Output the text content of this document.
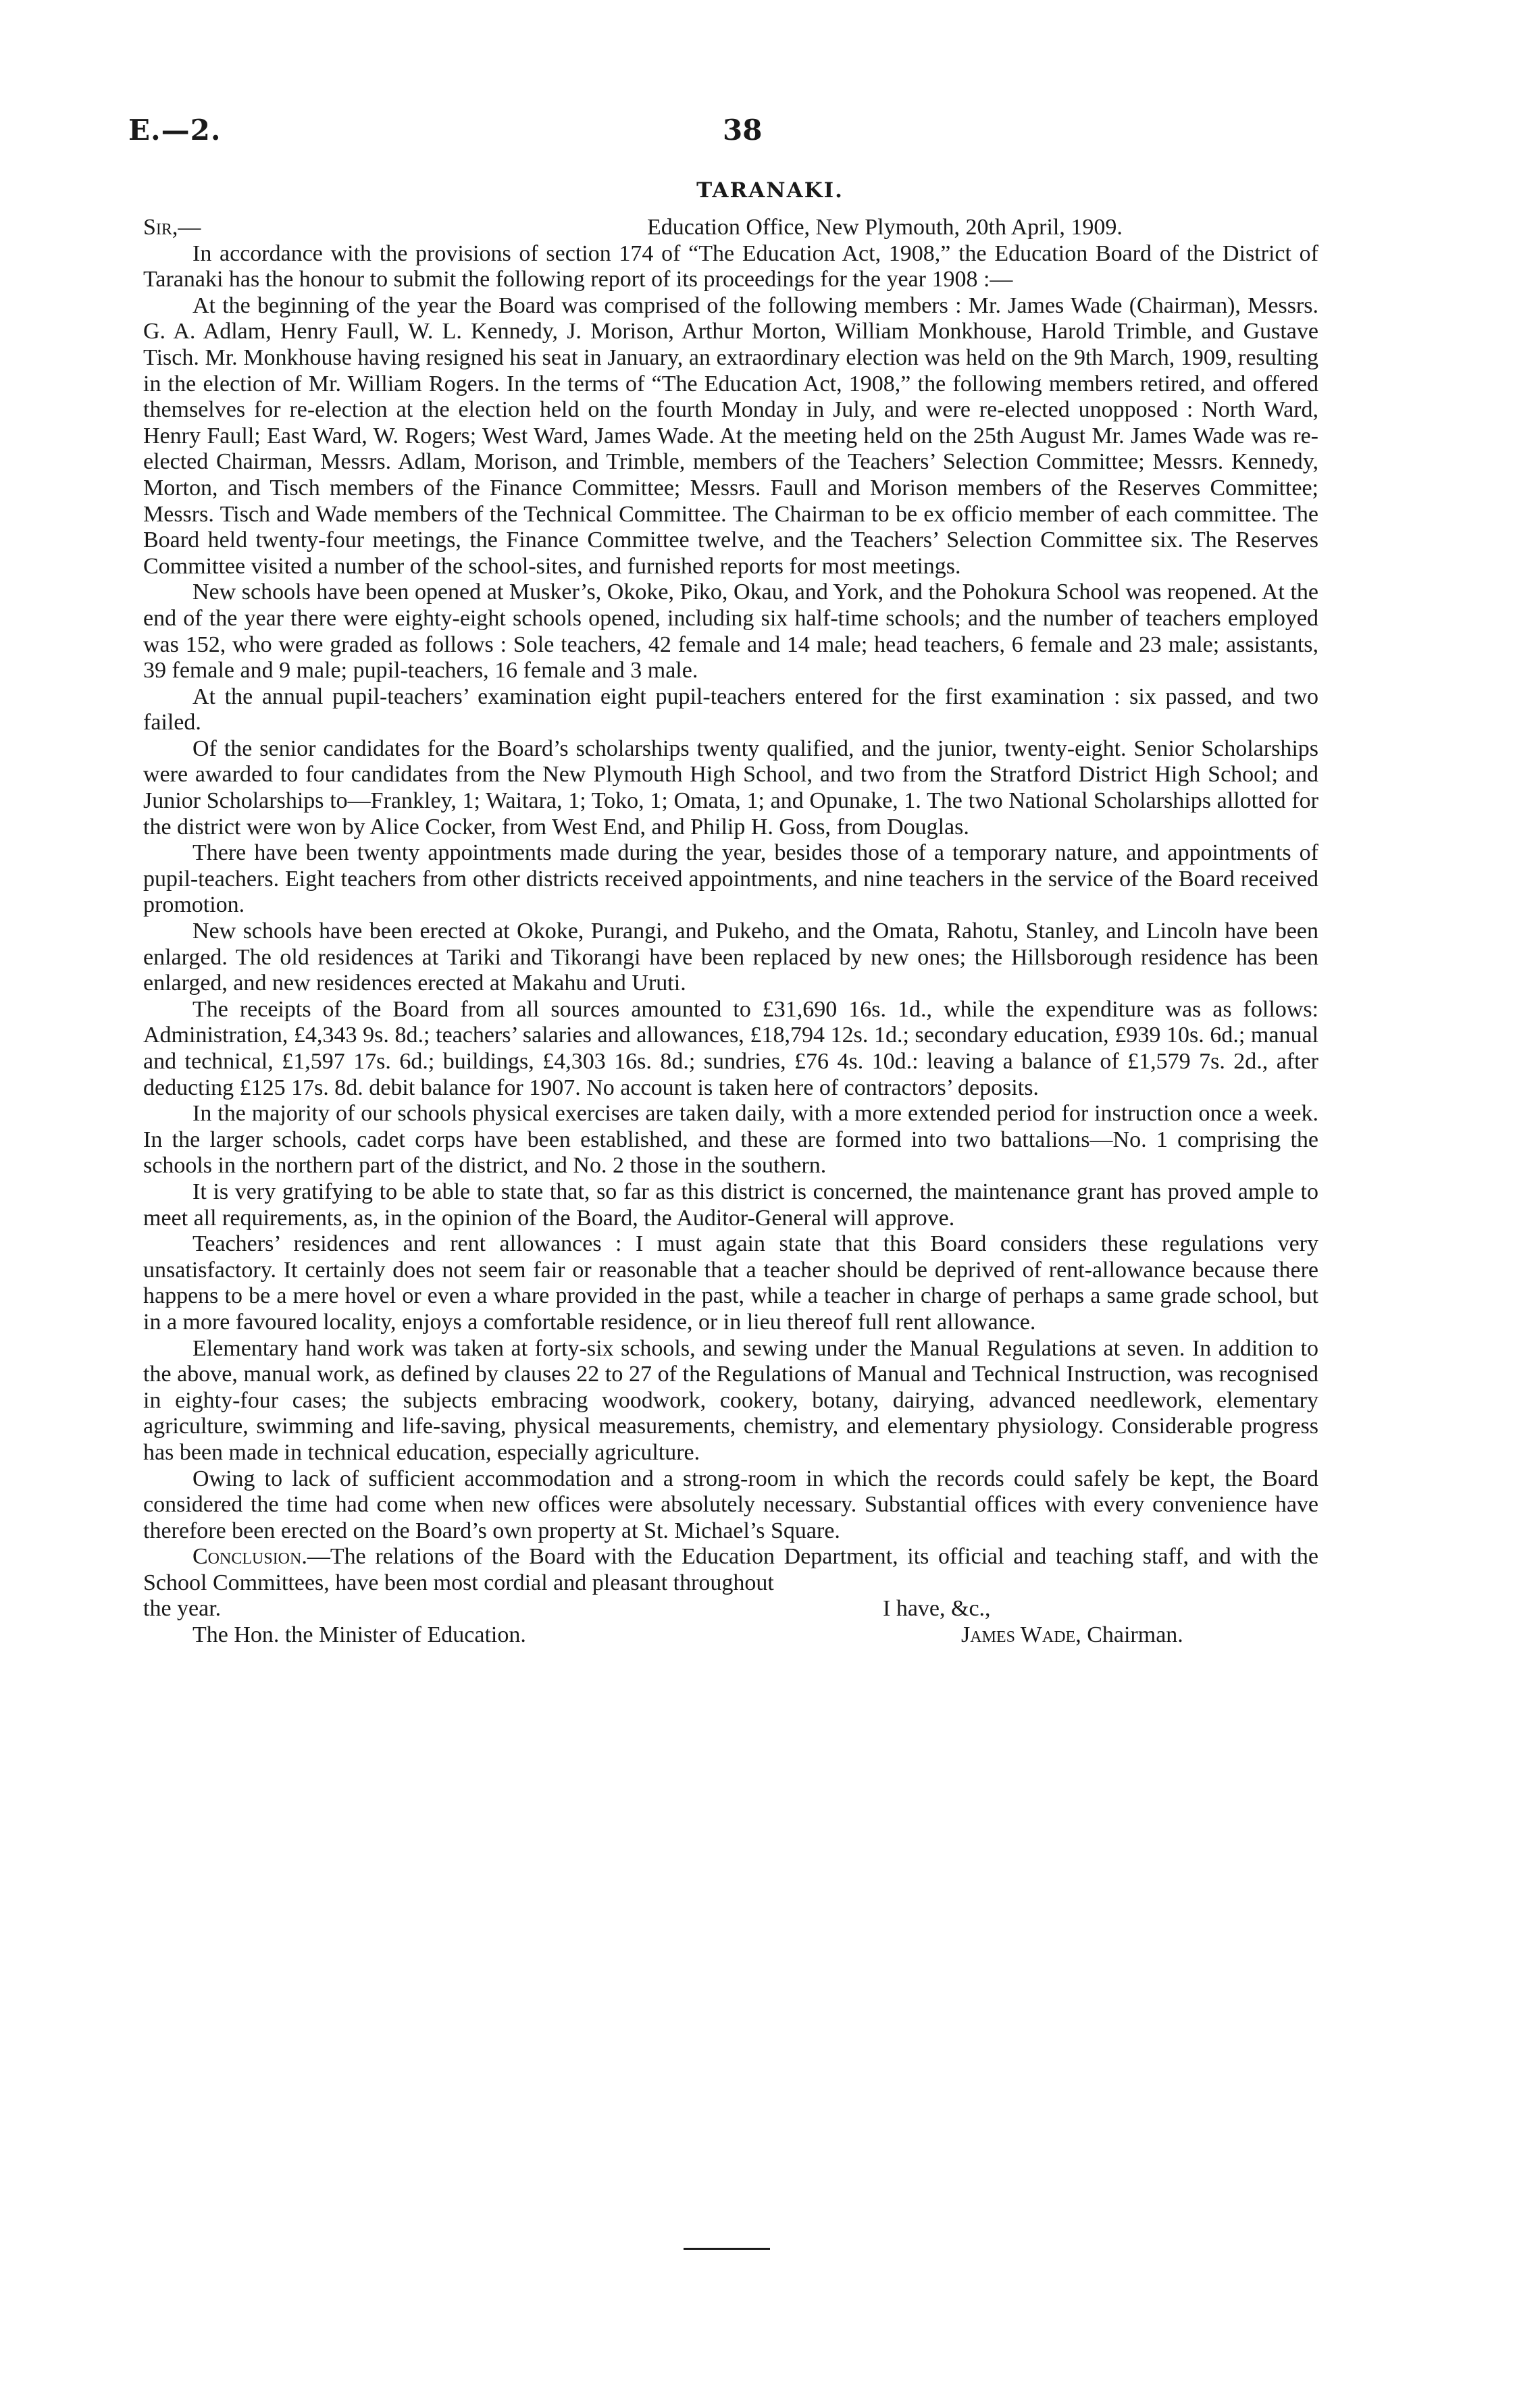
E.—2.	38
TARANAKI.
Sir,—	Education Office, New Plymouth, 20th April, 1909.

In accordance with the provisions of section 174 of “The Education Act, 1908,” the Education Board of the District of Taranaki has the honour to submit the following report of its proceedings for the year 1908 :—

At the beginning of the year the Board was comprised of the following members : Mr. James Wade (Chairman), Messrs. G. A. Adlam, Henry Faull, W. L. Kennedy, J. Morison, Arthur Morton, William Monkhouse, Harold Trimble, and Gustave Tisch. Mr. Monkhouse having resigned his seat in January, an extraordinary election was held on the 9th March, 1909, resulting in the election of Mr. William Rogers. In the terms of “The Education Act, 1908,” the following members retired, and offered themselves for re-election at the election held on the fourth Monday in July, and were re-elected unopposed : North Ward, Henry Faull; East Ward, W. Rogers; West Ward, James Wade. At the meeting held on the 25th August Mr. James Wade was re-elected Chairman, Messrs. Adlam, Morison, and Trimble, members of the Teachers’ Selection Committee; Messrs. Kennedy, Morton, and Tisch members of the Finance Committee; Messrs. Faull and Morison members of the Reserves Committee; Messrs. Tisch and Wade members of the Technical Committee. The Chairman to be ex officio member of each committee. The Board held twenty-four meetings, the Finance Committee twelve, and the Teachers’ Selection Committee six. The Reserves Committee visited a number of the school-sites, and furnished reports for most meetings.

New schools have been opened at Musker’s, Okoke, Piko, Okau, and York, and the Pohokura School was reopened. At the end of the year there were eighty-eight schools opened, including six half-time schools; and the number of teachers employed was 152, who were graded as follows : Sole teachers, 42 female and 14 male; head teachers, 6 female and 23 male; assistants, 39 female and 9 male; pupil-teachers, 16 female and 3 male.

At the annual pupil-teachers’ examination eight pupil-teachers entered for the first examination : six passed, and two failed.

Of the senior candidates for the Board’s scholarships twenty qualified, and the junior, twenty-eight. Senior Scholarships were awarded to four candidates from the New Plymouth High School, and two from the Stratford District High School; and Junior Scholarships to—Frankley, 1; Waitara, 1; Toko, 1; Omata, 1; and Opunake, 1. The two National Scholarships allotted for the district were won by Alice Cocker, from West End, and Philip H. Goss, from Douglas.

There have been twenty appointments made during the year, besides those of a temporary nature, and appointments of pupil-teachers. Eight teachers from other districts received appointments, and nine teachers in the service of the Board received promotion.

New schools have been erected at Okoke, Purangi, and Pukeho, and the Omata, Rahotu, Stanley, and Lincoln have been enlarged. The old residences at Tariki and Tikorangi have been replaced by new ones; the Hillsborough residence has been enlarged, and new residences erected at Makahu and Uruti.

The receipts of the Board from all sources amounted to £31,690 16s. 1d., while the expenditure was as follows: Administration, £4,343 9s. 8d.; teachers’ salaries and allowances, £18,794 12s. 1d.; secondary education, £939 10s. 6d.; manual and technical, £1,597 17s. 6d.; buildings, £4,303 16s. 8d.; sundries, £76 4s. 10d.: leaving a balance of £1,579 7s. 2d., after deducting £125 17s. 8d. debit balance for 1907. No account is taken here of contractors’ deposits.

In the majority of our schools physical exercises are taken daily, with a more extended period for instruction once a week. In the larger schools, cadet corps have been established, and these are formed into two battalions—No. 1 comprising the schools in the northern part of the district, and No. 2 those in the southern.

It is very gratifying to be able to state that, so far as this district is concerned, the maintenance grant has proved ample to meet all requirements, as, in the opinion of the Board, the Auditor-General will approve.

Teachers’ residences and rent allowances : I must again state that this Board considers these regulations very unsatisfactory. It certainly does not seem fair or reasonable that a teacher should be deprived of rent-allowance because there happens to be a mere hovel or even a whare provided in the past, while a teacher in charge of perhaps a same grade school, but in a more favoured locality, enjoys a comfortable residence, or in lieu thereof full rent allowance.

Elementary hand work was taken at forty-six schools, and sewing under the Manual Regulations at seven. In addition to the above, manual work, as defined by clauses 22 to 27 of the Regulations of Manual and Technical Instruction, was recognised in eighty-four cases; the subjects embracing woodwork, cookery, botany, dairying, advanced needlework, elementary agriculture, swimming and life-saving, physical measurements, chemistry, and elementary physiology. Considerable progress has been made in technical education, especially agriculture.

Owing to lack of sufficient accommodation and a strong-room in which the records could safely be kept, the Board considered the time had come when new offices were absolutely necessary. Substantial offices with every convenience have therefore been erected on the Board’s own property at St. Michael’s Square.

Conclusion.—The relations of the Board with the Education Department, its official and teaching staff, and with the School Committees, have been most cordial and pleasant throughout

the year.	I have, &c.,
The Hon. the Minister of Education.	James Wade, Chairman.
